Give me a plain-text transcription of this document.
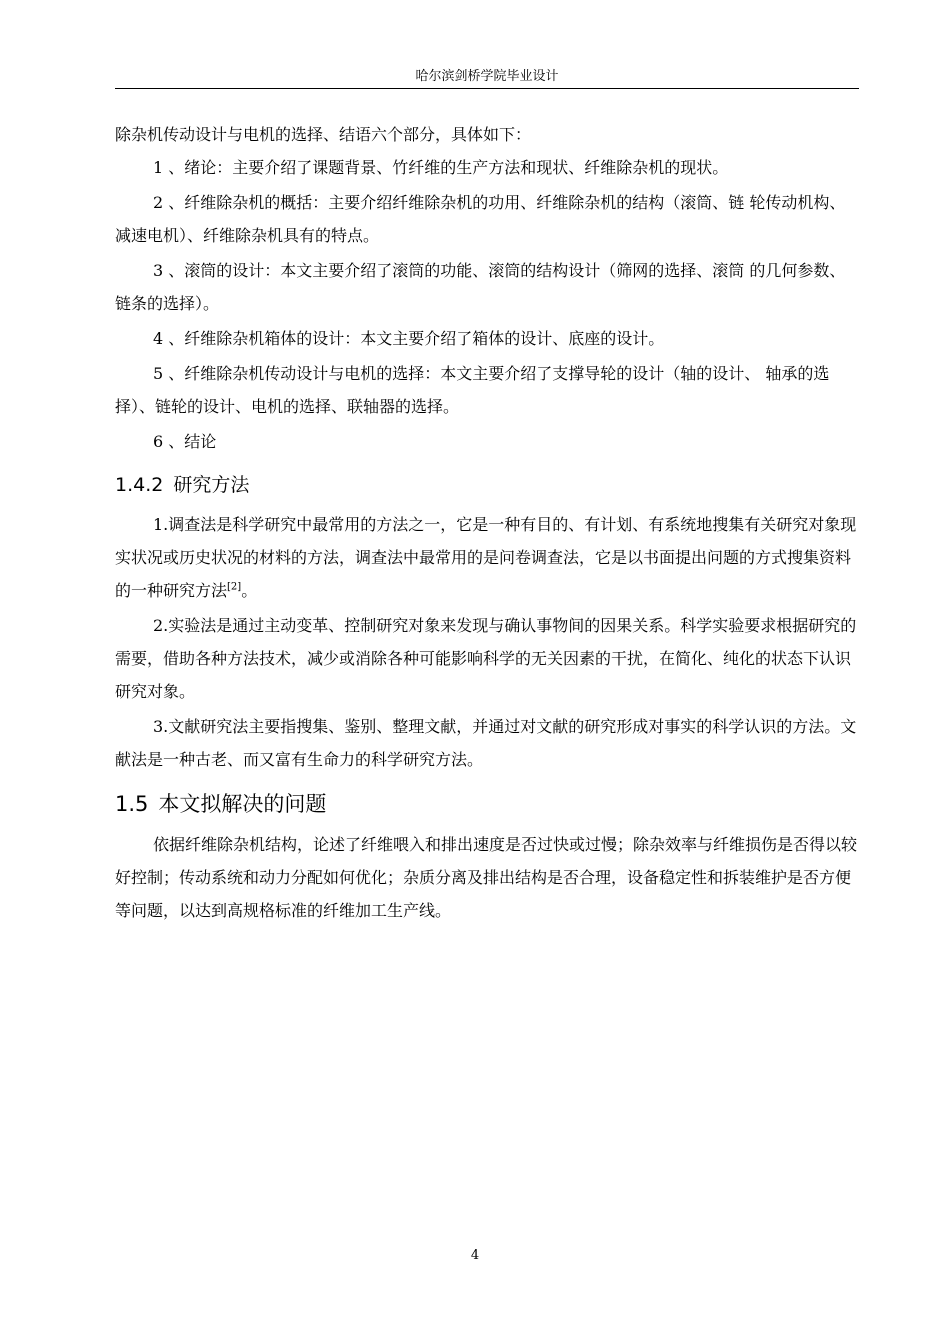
哈尔滨剑桥学院毕业设计

除杂机传动设计与电机的选择、结语六个部分，具体如下：

1 、绪论：主要介绍了课题背景、竹纤维的生产方法和现状、纤维除杂机的现状。

2 、纤维除杂机的概括：主要介绍纤维除杂机的功用、纤维除杂机的结构（滚筒、链 轮传动机构、减速电机）、纤维除杂机具有的特点。

3 、滚筒的设计：本文主要介绍了滚筒的功能、滚筒的结构设计（筛网的选择、滚筒 的几何参数、链条的选择）。

4 、纤维除杂机箱体的设计：本文主要介绍了箱体的设计、底座的设计。

5 、纤维除杂机传动设计与电机的选择：本文主要介绍了支撑导轮的设计（轴的设计、 轴承的选择）、链轮的设计、电机的选择、联轴器的选择。

6 、结论

1.4.2 研究方法

1.调查法是科学研究中最常用的方法之一，它是一种有目的、有计划、有系统地搜集有关研究对象现实状况或历史状况的材料的方法，调查法中最常用的是问卷调查法，它是以书面提出问题的方式搜集资料的一种研究方法[2]。

2.实验法是通过主动变革、控制研究对象来发现与确认事物间的因果关系。科学实验要求根据研究的需要，借助各种方法技术，减少或消除各种可能影响科学的无关因素的干扰，在简化、纯化的状态下认识研究对象。

3.文献研究法主要指搜集、鉴别、整理文献，并通过对文献的研究形成对事实的科学认识的方法。文献法是一种古老、而又富有生命力的科学研究方法。

1.5 本文拟解决的问题

依据纤维除杂机结构，论述了纤维喂入和排出速度是否过快或过慢；除杂效率与纤维损伤是否得以较好控制；传动系统和动力分配如何优化；杂质分离及排出结构是否合理，设备稳定性和拆装维护是否方便等问题，以达到高规格标准的纤维加工生产线。

4
